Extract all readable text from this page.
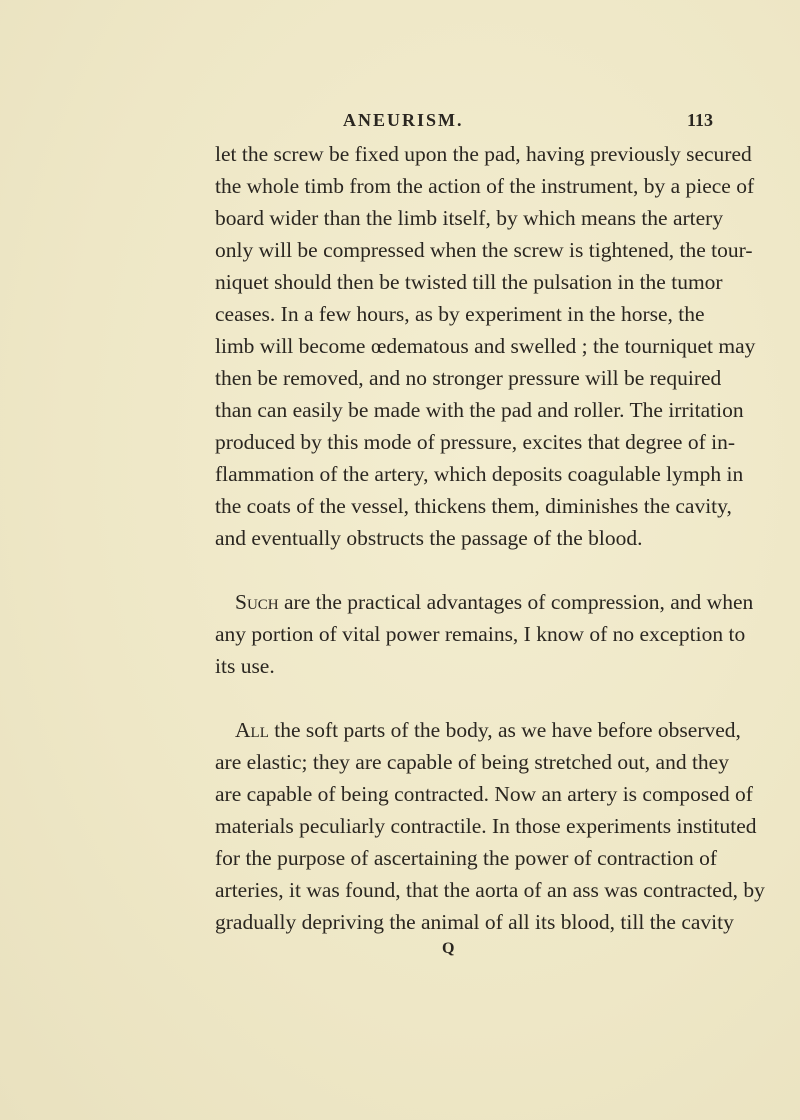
ANEURISM.	113
let the screw be fixed upon the pad, having previously secured
the whole timb from the action of the instrument, by a piece of
board wider than the limb itself, by which means the artery
only will be compressed when the screw is tightened, the tour-
niquet should then be twisted till the pulsation in the tumor
ceases. In a few hours, as by experiment in the horse, the
limb will become œdematous and swelled ; the tourniquet may
then be removed, and no stronger pressure will be required
than can easily be made with the pad and roller. The irritation
produced by this mode of pressure, excites that degree of in-
flammation of the artery, which deposits coagulable lymph in
the coats of the vessel, thickens them, diminishes the cavity,
and eventually obstructs the passage of the blood.
Such are the practical advantages of compression, and when
any portion of vital power remains, I know of no exception to
its use.
All the soft parts of the body, as we have before observed,
are elastic; they are capable of being stretched out, and they
are capable of being contracted. Now an artery is composed of
materials peculiarly contractile. In those experiments instituted
for the purpose of ascertaining the power of contraction of
arteries, it was found, that the aorta of an ass was contracted, by
gradually depriving the animal of all its blood, till the cavity
Q
